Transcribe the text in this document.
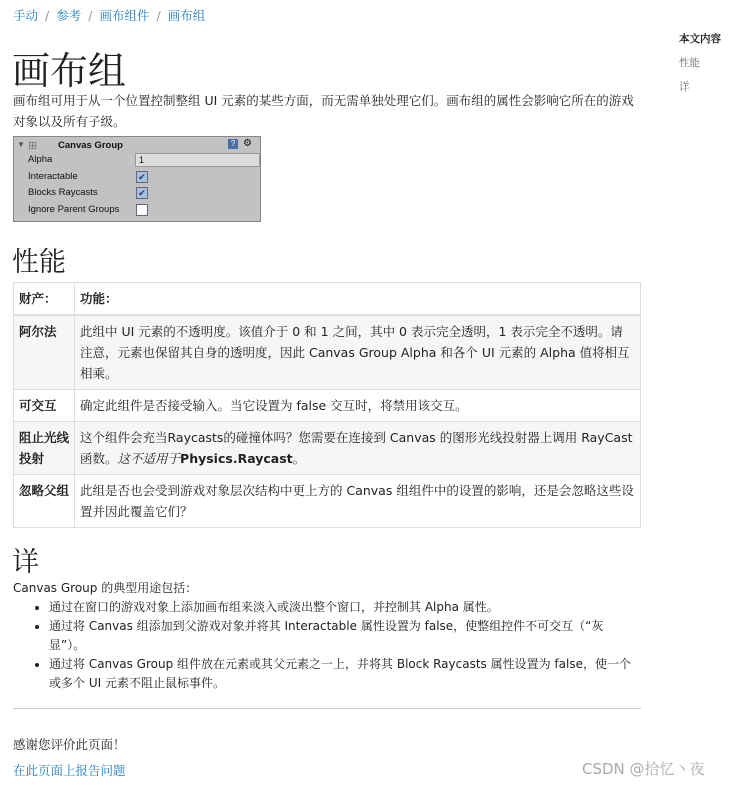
手动 / 参考 / 画布组件 / 画布组
本文内容
性能
详
画布组
画布组可用于从一个位置控制整组 UI 元素的某些方面，而无需单独处理它们。画布组的属性会影响它所在的游戏对象以及所有子级。
▼ ⊞ Canvas Group	? ⚙
Alpha	1
Interactable	✔
Blocks Raycasts	✔
Ignore Parent Groups
性能
财产：	功能：
阿尔法	此组中 UI 元素的不透明度。该值介于 0 和 1 之间，其中 0 表示完全透明，1 表示完全不透明。请注意，元素也保留其自身的透明度，因此 Canvas Group Alpha 和各个 UI 元素的 Alpha 值将相互相乘。
可交互	确定此组件是否接受输入。当它设置为 false 交互时，将禁用该交互。
阻止光线投射	这个组件会充当Raycasts的碰撞体吗？您需要在连接到 Canvas 的图形光线投射器上调用 RayCast 函数。这不适用于Physics.Raycast。
忽略父组	此组是否也会受到游戏对象层次结构中更上方的 Canvas 组组件中的设置的影响，还是会忽略这些设置并因此覆盖它们？
详
Canvas Group 的典型用途包括：
• 通过在窗口的游戏对象上添加画布组来淡入或淡出整个窗口，并控制其 Alpha 属性。
• 通过将 Canvas 组添加到父游戏对象并将其 Interactable 属性设置为 false，使整组控件不可交互（“灰显”）。
• 通过将 Canvas Group 组件放在元素或其父元素之一上，并将其 Block Raycasts 属性设置为 false，使一个或多个 UI 元素不阻止鼠标事件。
感谢您评价此页面！
在此页面上报告问题	CSDN @拾忆丶夜
